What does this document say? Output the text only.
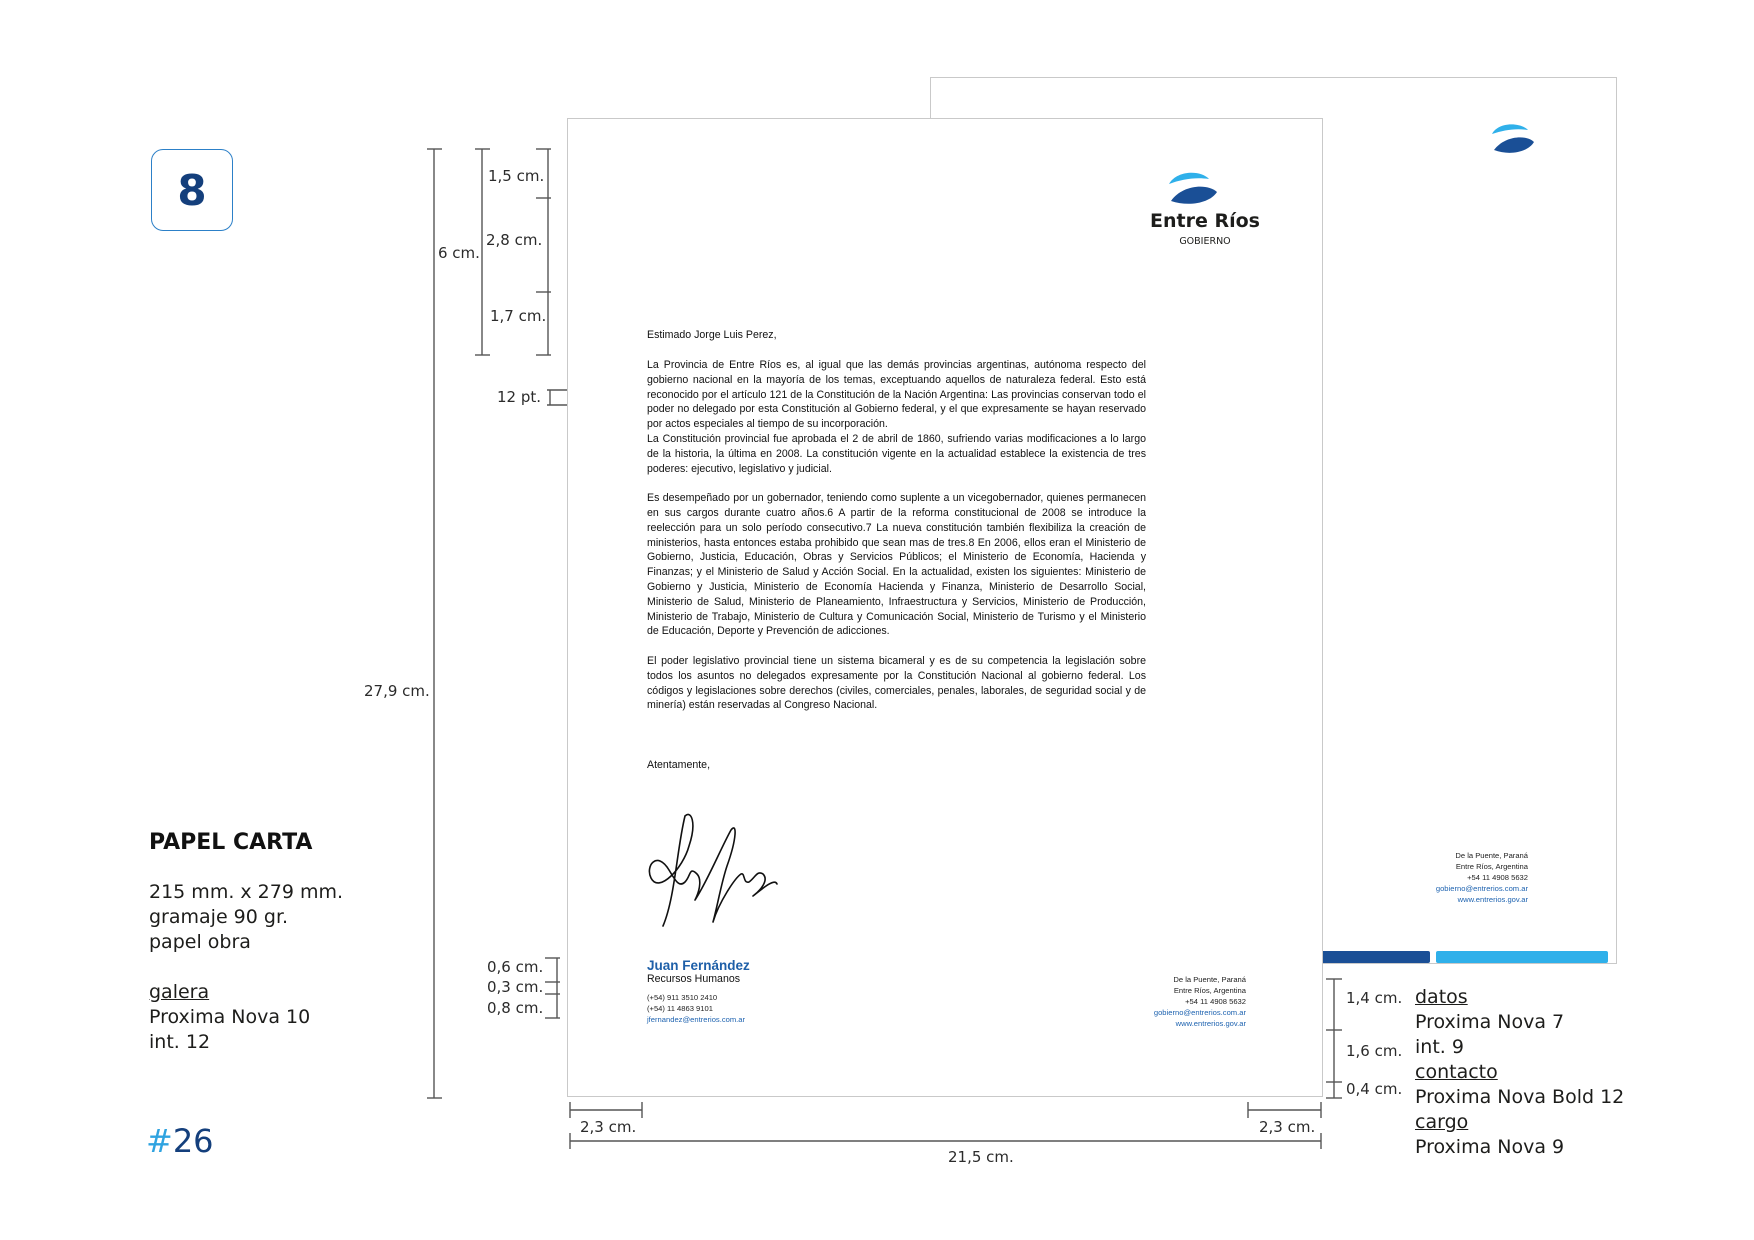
8
PAPEL CARTA
215 mm. x 279 mm.
gramaje 90 gr.
papel obra
galera
Proxima Nova 10
int. 12
#26
De la Puente, Paraná
Entre Ríos, Argentina
+54 11 4908 5632
gobierno@entrerios.com.ar
www.entrerios.gov.ar
Entre Ríos
GOBIERNO
Estimado Jorge Luis Perez,

La Provincia de Entre Ríos es, al igual que las demás provincias argentinas, autónoma respecto del gobierno nacional en la mayoría de los temas, exceptuando aquellos de naturaleza federal. Esto está reconocido por el artículo 121 de la Constitución de la Nación Argentina: Las provincias conservan todo el poder no delegado por esta Constitución al Gobierno federal, y el que expresamente se hayan reservado por actos especiales al tiempo de su incorporación.
La Constitución provincial fue aprobada el 2 de abril de 1860, sufriendo varias modificaciones a lo largo de la historia, la última en 2008. La constitución vigente en la actualidad establece la existencia de tres poderes: ejecutivo, legislativo y judicial.

Es desempeñado por un gobernador, teniendo como suplente a un vicegobernador, quienes permanecen en sus cargos durante cuatro años.6 A partir de la reforma constitucional de 2008 se introduce la reelección para un solo período consecutivo.7 La nueva constitución también flexibiliza la creación de ministerios, hasta entonces estaba prohibido que sean mas de tres.8 En 2006, ellos eran el Ministerio de Gobierno, Justicia, Educación, Obras y Servicios Públicos; el Ministerio de Economía, Hacienda y Finanzas; y el Ministerio de Salud y Acción Social. En la actualidad, existen los siguientes: Ministerio de Gobierno y Justicia, Ministerio de Economía Hacienda y Finanza, Ministerio de Desarrollo Social, Ministerio de Salud, Ministerio de Planeamiento, Infraestructura y Servicios, Ministerio de Producción, Ministerio de Trabajo, Ministerio de Cultura y Comunicación Social, Ministerio de Turismo y el Ministerio de Educación, Deporte y Prevención de adicciones.

El poder legislativo provincial tiene un sistema bicameral y es de su competencia la legislación sobre todos los asuntos no delegados expresamente por la Constitución Nacional al gobierno federal. Los códigos y legislaciones sobre derechos (civiles, comerciales, penales, laborales, de seguridad social y de minería) están reservadas al Congreso Nacional.

Atentamente,
Juan Fernández
Recursos Humanos
(+54) 911 3510 2410
(+54) 11 4863 9101
jfernandez@entrerios.com.ar
De la Puente, Paraná
Entre Ríos, Argentina
+54 11 4908 5632
gobierno@entrerios.com.ar
www.entrerios.gov.ar
1,5 cm.
2,8 cm.
1,7 cm.
6 cm.
12 pt.
27,9 cm.
0,6 cm.
0,3 cm.
0,8 cm.
2,3 cm.	2,3 cm.
21,5 cm.
1,4 cm.
1,6 cm.
0,4 cm.
datos
Proxima Nova 7
int. 9
contacto
Proxima Nova Bold 12
cargo
Proxima Nova 9
